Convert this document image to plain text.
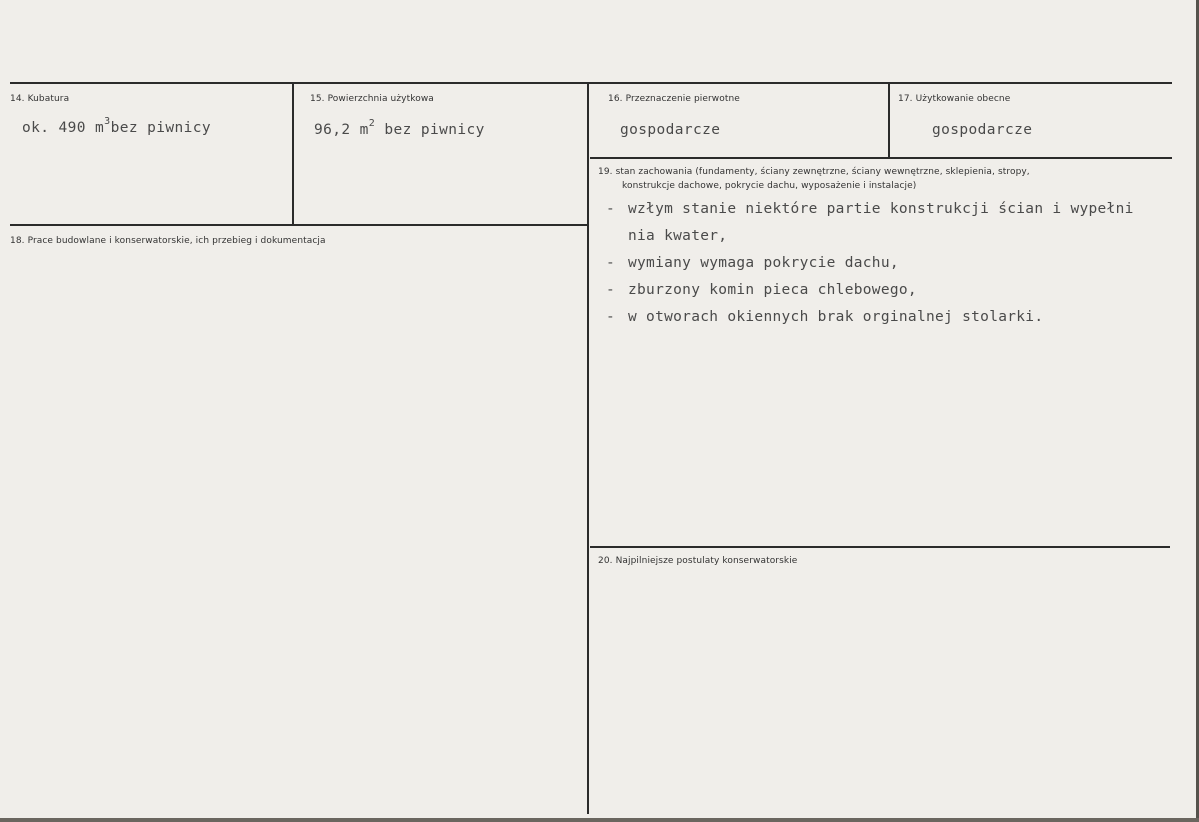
14. Kubatura
ok. 490 $m^3bez$ piwnicy
15. Powierzchnia użytkowa
96,2 $m^2$ bez piwnicy
16. Przeznaczenie pierwotne
gospodarcze
17. Użytkowanie obecne
gospodarcze
18. Prace budowlane i konserwatorskie, ich przebieg i dokumentacja
19. stan zachowania (fundamenty, ściany zewnętrzne, ściany wewnętrzne, sklepienia, stropy,
konstrukcje dachowe, pokrycie dachu, wyposażenie i instalacje)
- wzłym stanie niektóre partie konstrukcji ścian i wypełni
nia kwater,
- wymiany wymaga pokrycie dachu,
- zburzony komin pieca chlebowego,
- w otworach okiennych brak orginalnej stolarki.
20. Najpilniejsze postulaty konserwatorskie
